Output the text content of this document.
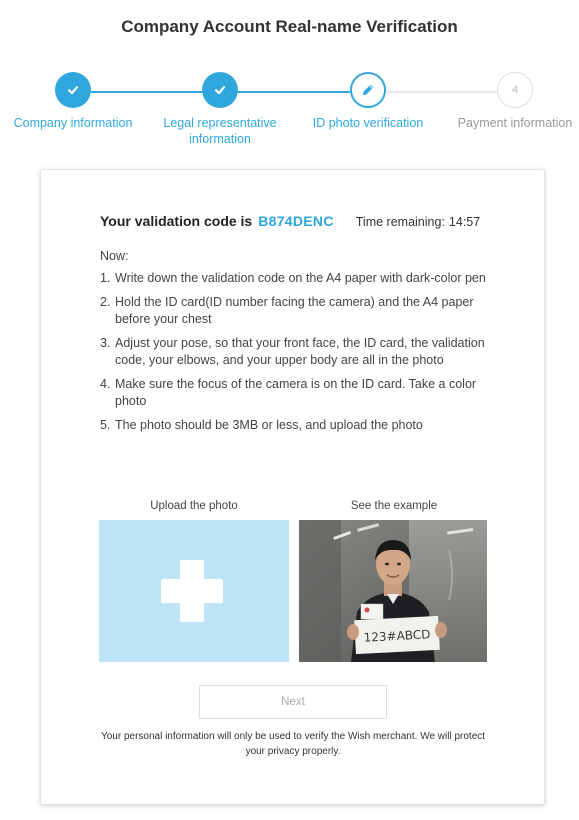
Company Account Real-name Verification
Company information	Legal representative information
ID photo verification
4
Payment information
Your validation code is B874DENC Time remaining: 14:57
Now:
1. Write down the validation code on the A4 paper with dark-color pen
2. Hold the ID card(ID number facing the camera) and the A4 paper before your chest
3. Adjust your pose, so that your front face, the ID card, the validation code, your elbows, and your upper body are all in the photo
4. Make sure the focus of the camera is on the ID card. Take a color photo
5. The photo should be 3MB or less, and upload the photo
Upload the photo	See the example
123#ABCD
Next
Your personal information will only be used to verify the Wish merchant. We will protect your privacy properly.
